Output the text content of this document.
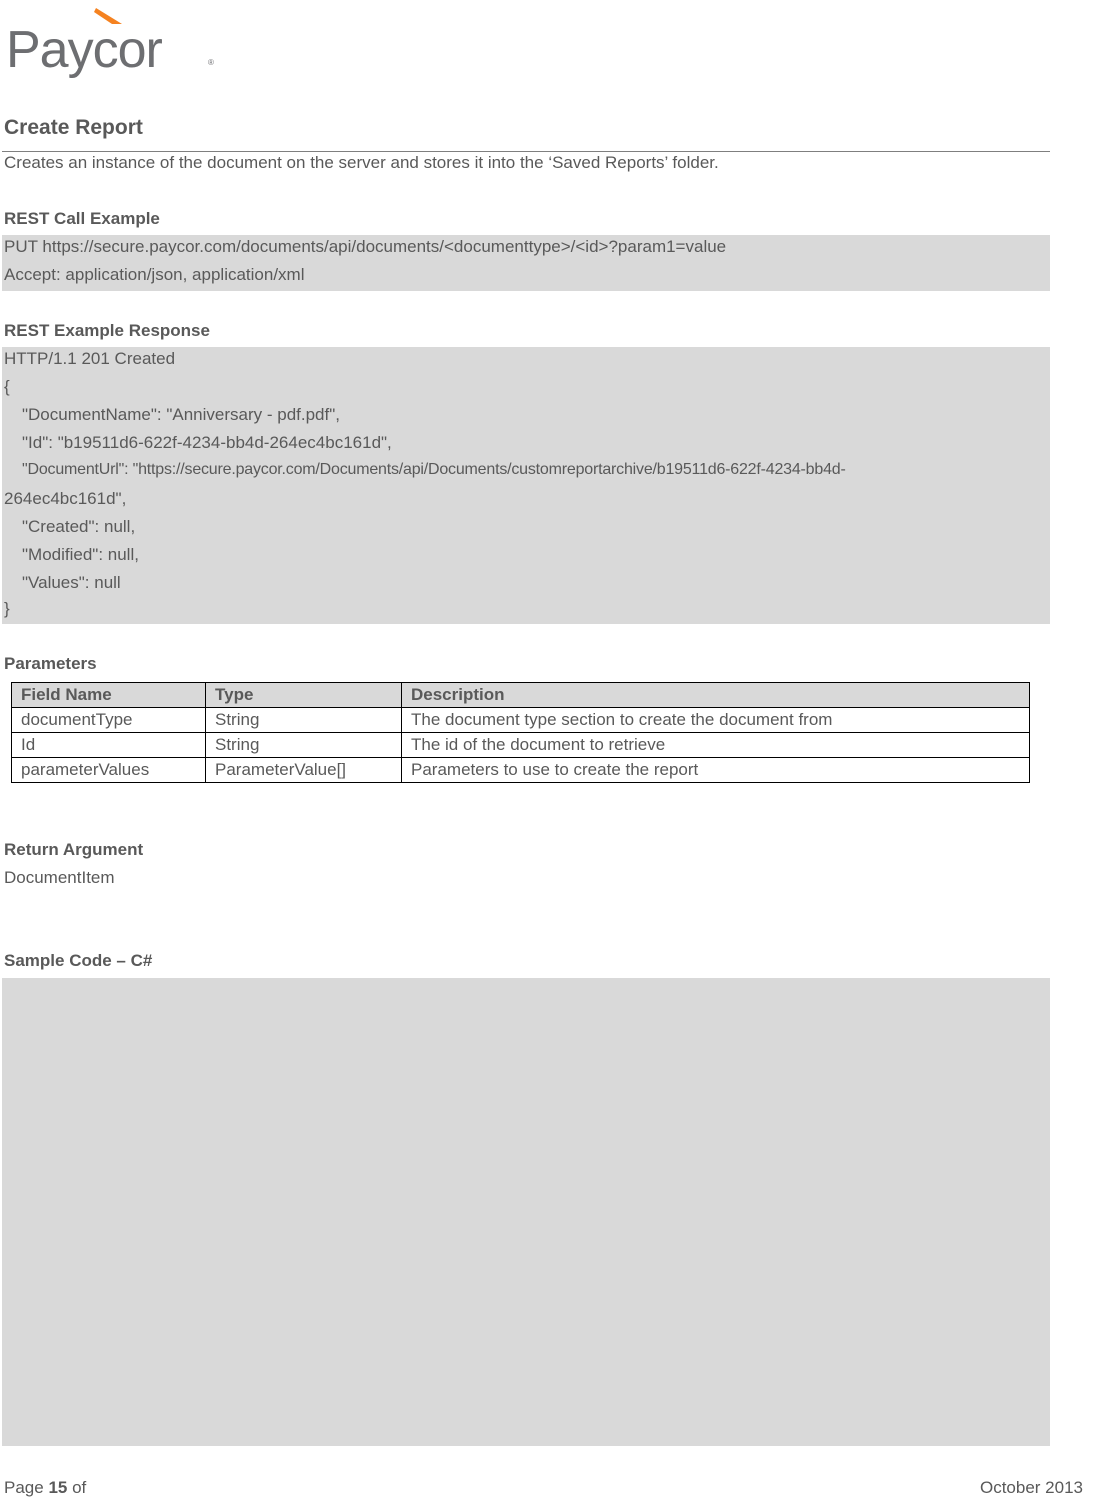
Paycor	®
Create Report
Creates an instance of the document on the server and stores it into the ‘Saved Reports’ folder.
REST Call Example
PUT https://secure.paycor.com/documents/api/documents/<documenttype>/<id>?param1=value
Accept: application/json, application/xml
REST Example Response
HTTP/1.1 201 Created
{
"DocumentName": "Anniversary - pdf.pdf",
"Id": "b19511d6-622f-4234-bb4d-264ec4bc161d",
"DocumentUrl": "https://secure.paycor.com/Documents/api/Documents/customreportarchive/b19511d6-622f-4234-bb4d-
264ec4bc161d",
"Created": null,
"Modified": null,
"Values": null
}
Parameters
Field Name	Type	Description
documentType	String	The document type section to create the document from
Id	String	The id of the document to retrieve
parameterValues	ParameterValue[]	Parameters to use to create the report
Return Argument
DocumentItem
Sample Code – C#
Page 15 of	October 2013
